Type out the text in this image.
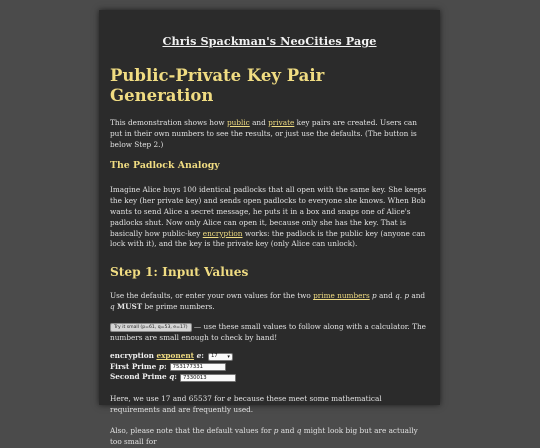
Chris Spackman's NeoCities Page
Public-Private Key Pair Generation

This demonstration shows how public and private key pairs are created. Users can put in their own numbers to see the results, or just use the defaults. (The button is below Step 2.)

The Padlock Analogy

Imagine Alice buys 100 identical padlocks that all open with the same key. She keeps the key (her private key) and sends open padlocks to everyone she knows. When Bob wants to send Alice a secret message, he puts it in a box and snaps one of Alice's padlocks shut. Now only Alice can open it, because only she has the key. That is basically how public-key encryption works: the padlock is the public key (anyone can lock with it), and the key is the private key (only Alice can unlock).

Step 1: Input Values

Use the defaults, or enter your own values for the two prime numbers p and q. p and q MUST be prime numbers.

Try it small (p=61, q=53, e=17) — use these small values to follow along with a calculator. The numbers are small enough to check by hand!

encryption exponent e: 17 ▾
First Prime p:	753177331
Second Prime q:	7330013

Here, we use 17 and 65537 for e because these meet some mathematical requirements and are frequently used.

Also, please note that the default values for p and q might look big but are actually too small for
